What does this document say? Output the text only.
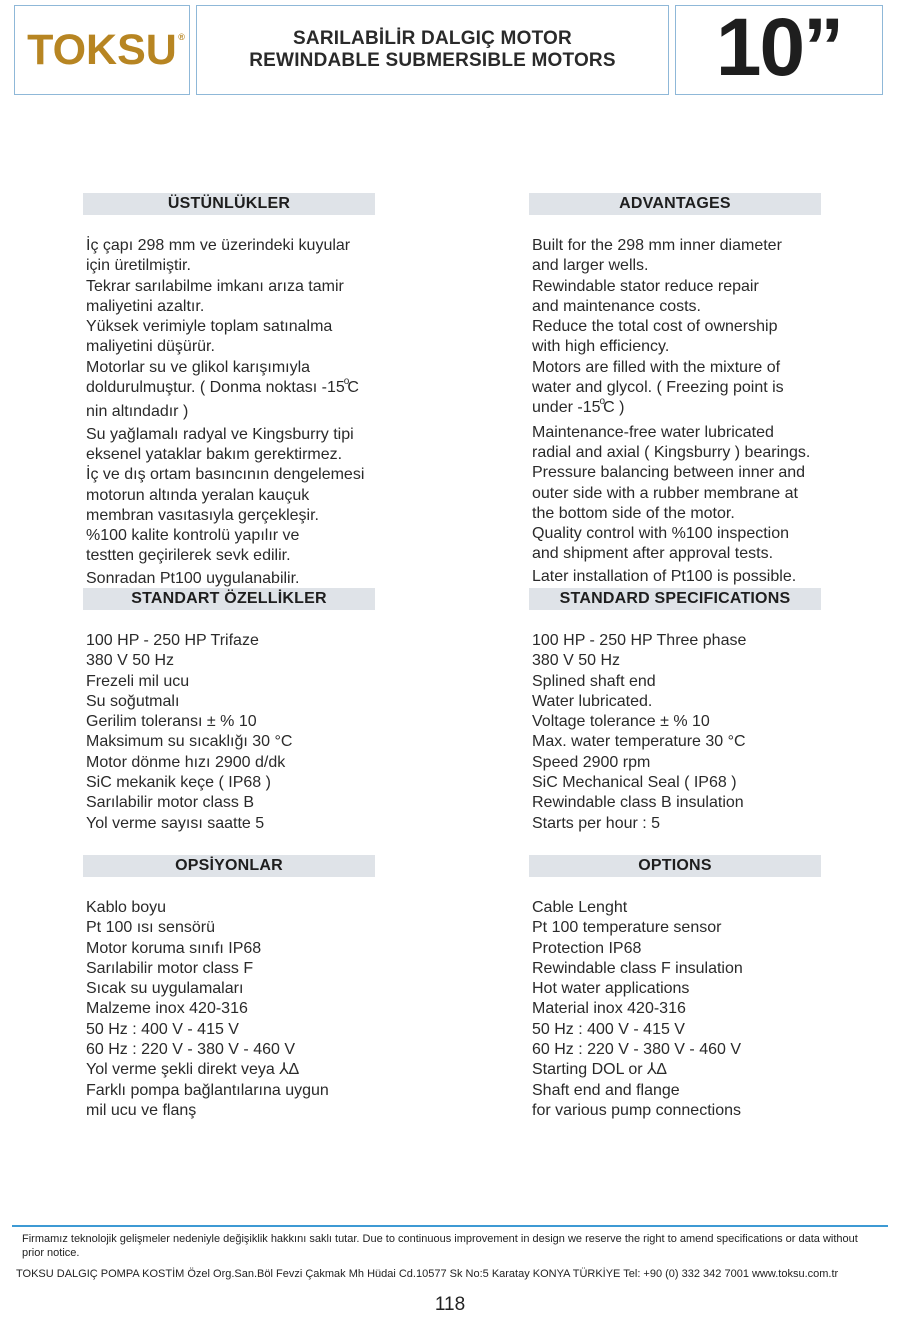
TOKSU ®	SARILABİLİR DALGIÇ MOTOR
REWINDABLE SUBMERSIBLE MOTORS 10”
ÜSTÜNLÜKLER
İç çapı 298 mm ve üzerindeki kuyular
için üretilmiştir.
Tekrar sarılabilme imkanı arıza tamir
maliyetini azaltır.
Yüksek verimiyle toplam satınalma
maliyetini düşürür.
Motorlar su ve glikol karışımıyla
doldurulmuştur. ( Donma noktası -15$^o$C
nin altındadır )
Su yağlamalı radyal ve Kingsburry tipi
eksenel yataklar bakım gerektirmez.
İç ve dış ortam basıncının dengelemesi
motorun altında yeralan kauçuk
membran vasıtasıyla gerçekleşir.
%100 kalite kontrolü yapılır ve
testten geçirilerek sevk edilir.
Sonradan Pt100 uygulanabilir.
STANDART ÖZELLİKLER
100 HP - 250 HP Trifaze
380 V 50 Hz
Frezeli mil ucu
Su soğutmalı
Gerilim toleransı ± % 10
Maksimum su sıcaklığı 30 °C
Motor dönme hızı 2900 d/dk
SiC mekanik keçe ( IP68 )
Sarılabilir motor class B
Yol verme sayısı saatte 5
OPSİYONLAR
Kablo boyu
Pt 100 ısı sensörü
Motor koruma sınıfı IP68
Sarılabilir motor class F
Sıcak su uygulamaları
Malzeme inox 420-316
50 Hz : 400 V - 415 V
60 Hz : 220 V - 380 V - 460 V
Yol verme şekli direkt veya ⅄∆
Farklı pompa bağlantılarına uygun
mil ucu ve flanş
ADVANTAGES
Built for the 298 mm inner diameter
and larger wells.
Rewindable stator reduce repair
and maintenance costs.
Reduce the total cost of ownership
with high efficiency.
Motors are filled with the mixture of
water and glycol. ( Freezing point is
under -15$^o$C )
Maintenance-free water lubricated
radial and axial ( Kingsburry ) bearings.
Pressure balancing between inner and
outer side with a rubber membrane at
the bottom side of the motor.
Quality control with %100 inspection
and shipment after approval tests.
Later installation of Pt100 is possible.
STANDARD SPECIFICATIONS
100 HP - 250 HP Three phase
380 V 50 Hz
Splined shaft end
Water lubricated.
Voltage tolerance ± % 10
Max. water temperature 30 °C
Speed 2900 rpm
SiC Mechanical Seal ( IP68 )
Rewindable class B insulation
Starts per hour : 5
OPTIONS
Cable Lenght
Pt 100 temperature sensor
Protection IP68
Rewindable class F insulation
Hot water applications
Material inox 420-316
50 Hz : 400 V - 415 V
60 Hz : 220 V - 380 V - 460 V
Starting DOL or ⅄∆
Shaft end and flange
for various pump connections
Firmamız teknolojik gelişmeler nedeniyle değişiklik hakkını saklı tutar. Due to continuous improvement in design we reserve the right to amend specifications or data without prior notice.
TOKSU DALGIÇ POMPA KOSTİM Özel Org.San.Böl Fevzi Çakmak Mh Hüdai Cd.10577 Sk No:5 Karatay KONYA TÜRKİYE Tel: +90 (0) 332 342 7001 www.toksu.com.tr
118
